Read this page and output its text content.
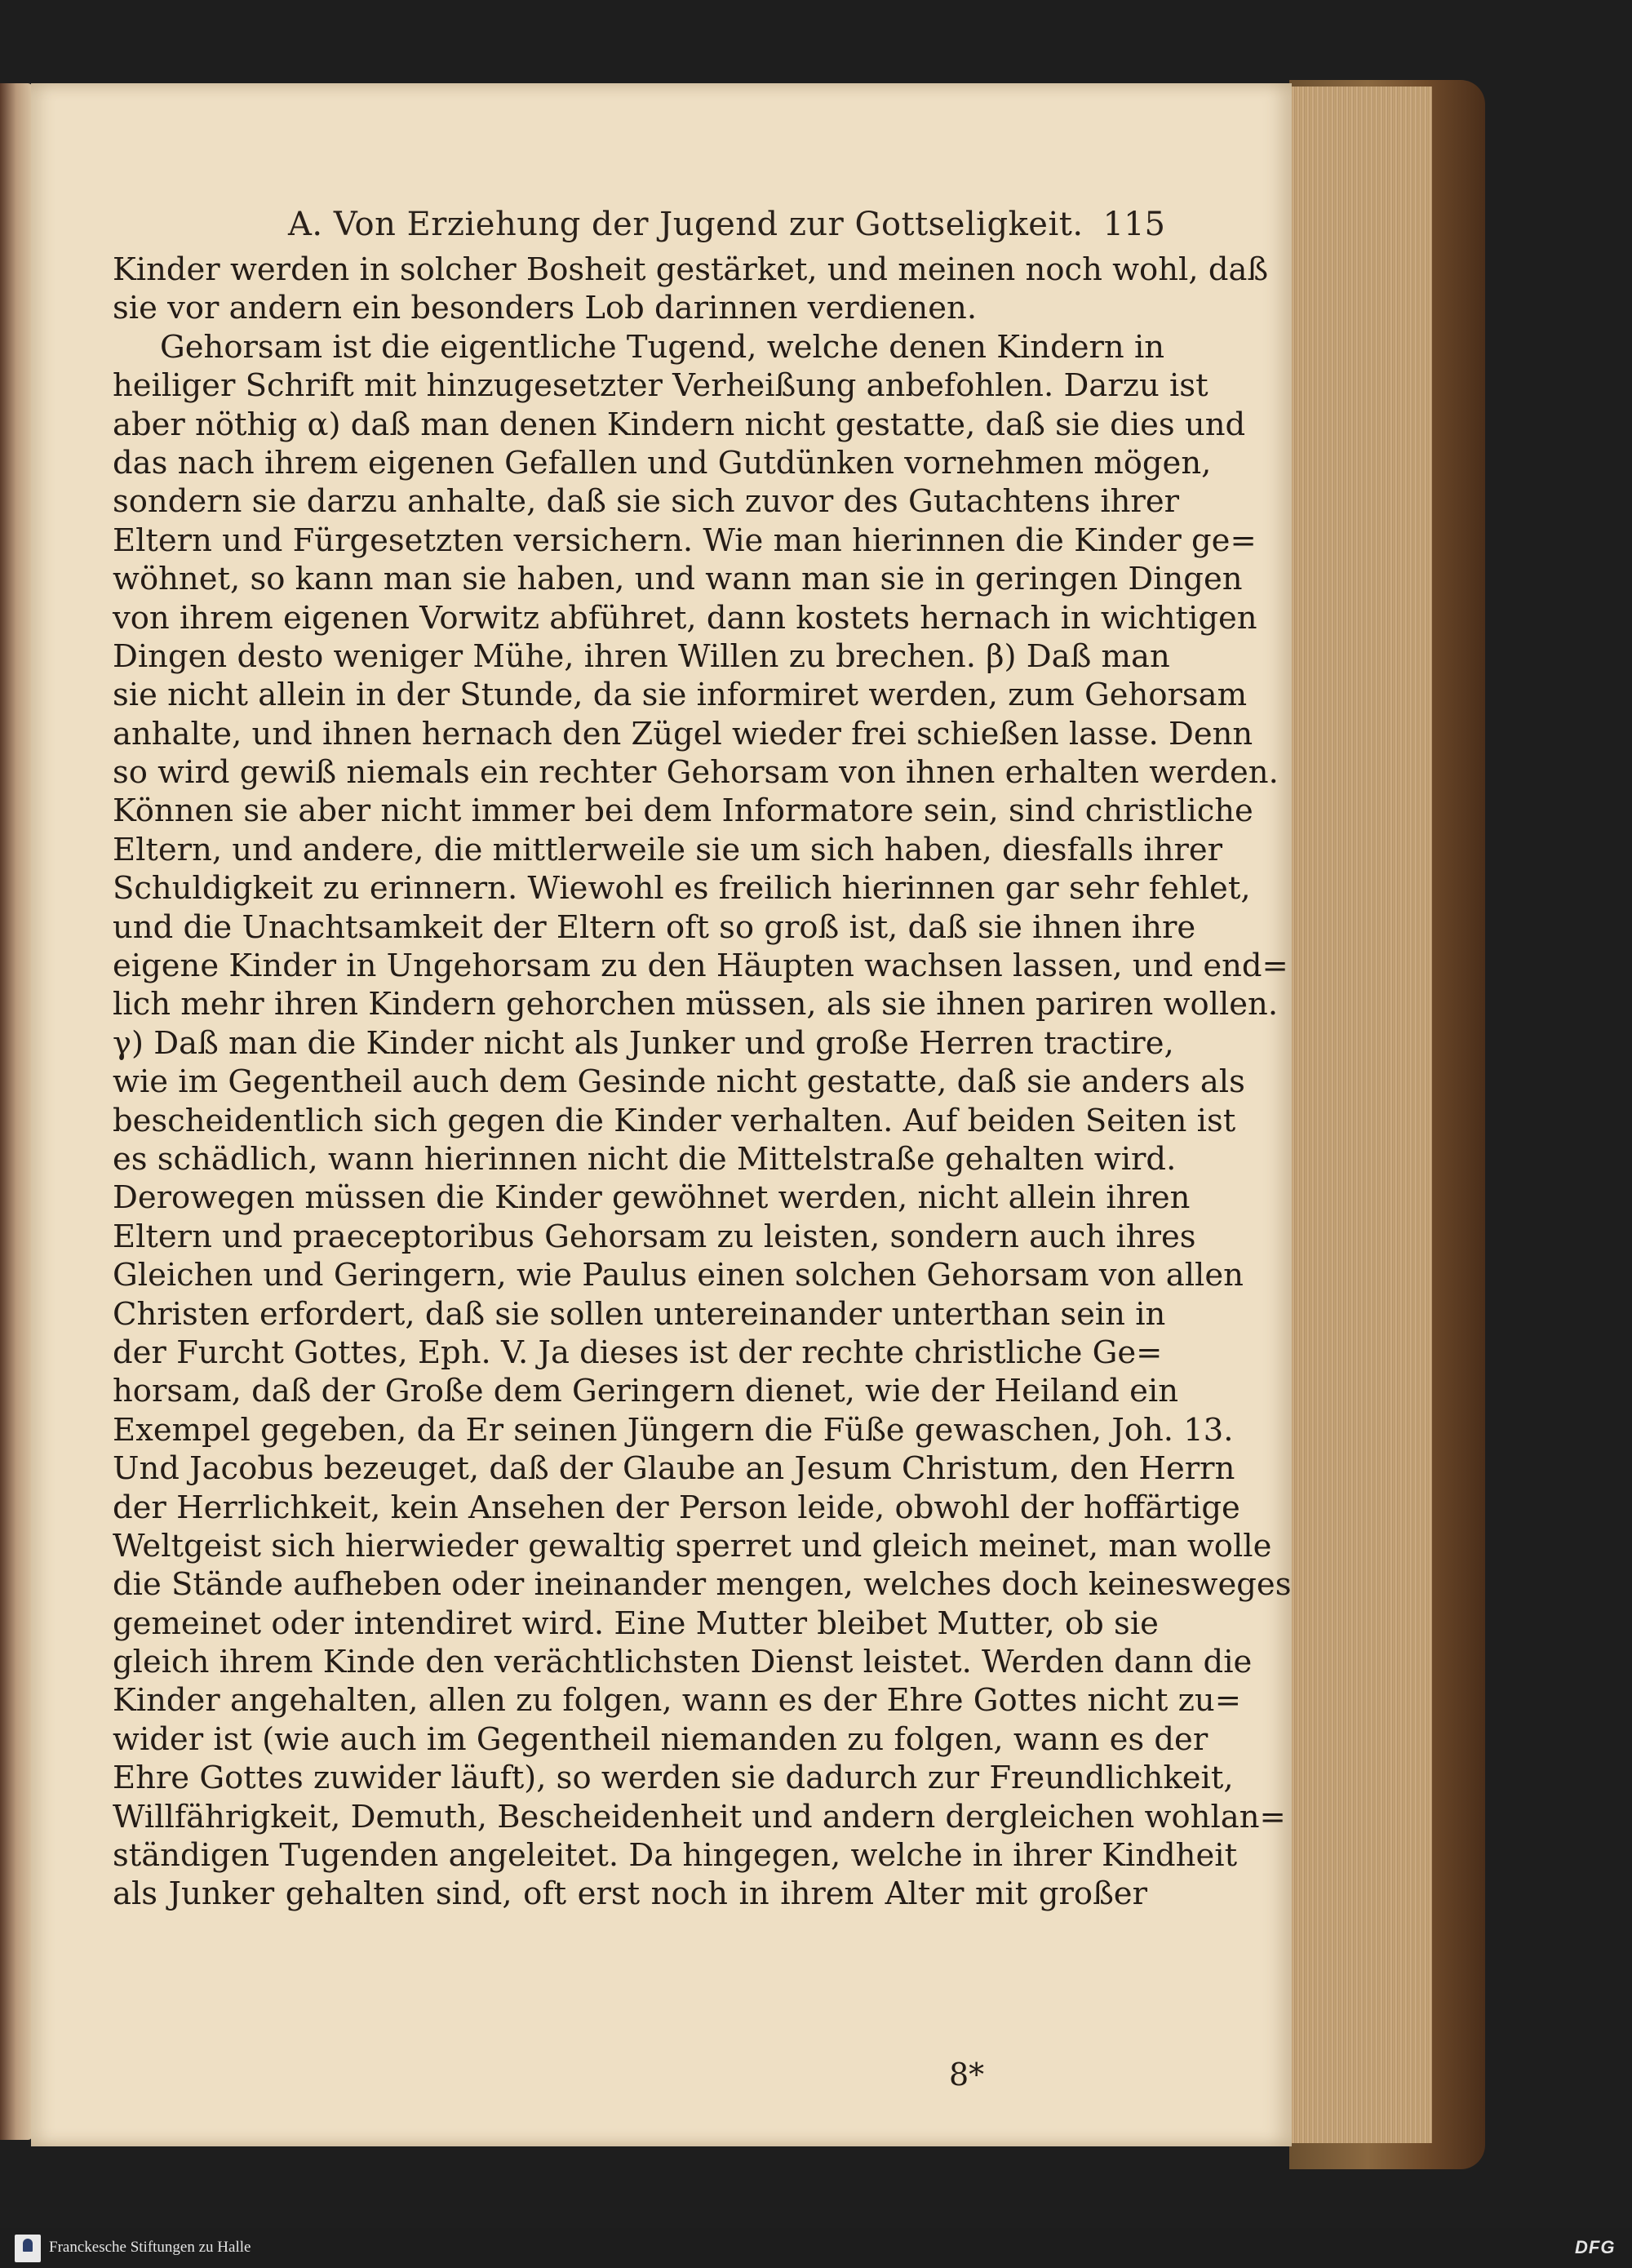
A. Von Erziehung der Jugend zur Gottseligkeit. 115
Kinder werden in solcher Bosheit gestärket, und meinen noch wohl, daß
sie vor andern ein besonders Lob darinnen verdienen.
Gehorsam ist die eigentliche Tugend, welche denen Kindern in
heiliger Schrift mit hinzugesetzter Verheißung anbefohlen. Darzu ist
aber nöthig α) daß man denen Kindern nicht gestatte, daß sie dies und
das nach ihrem eigenen Gefallen und Gutdünken vornehmen mögen,
sondern sie darzu anhalte, daß sie sich zuvor des Gutachtens ihrer
Eltern und Fürgesetzten versichern. Wie man hierinnen die Kinder ge=
wöhnet, so kann man sie haben, und wann man sie in geringen Dingen
von ihrem eigenen Vorwitz abführet, dann kostets hernach in wichtigen
Dingen desto weniger Mühe, ihren Willen zu brechen. β) Daß man
sie nicht allein in der Stunde, da sie informiret werden, zum Gehorsam
anhalte, und ihnen hernach den Zügel wieder frei schießen lasse. Denn
so wird gewiß niemals ein rechter Gehorsam von ihnen erhalten werden.
Können sie aber nicht immer bei dem Informatore sein, sind christliche
Eltern, und andere, die mittlerweile sie um sich haben, diesfalls ihrer
Schuldigkeit zu erinnern. Wiewohl es freilich hierinnen gar sehr fehlet,
und die Unachtsamkeit der Eltern oft so groß ist, daß sie ihnen ihre
eigene Kinder in Ungehorsam zu den Häupten wachsen lassen, und end=
lich mehr ihren Kindern gehorchen müssen, als sie ihnen pariren wollen.
γ) Daß man die Kinder nicht als Junker und große Herren tractire,
wie im Gegentheil auch dem Gesinde nicht gestatte, daß sie anders als
bescheidentlich sich gegen die Kinder verhalten. Auf beiden Seiten ist
es schädlich, wann hierinnen nicht die Mittelstraße gehalten wird.
Derowegen müssen die Kinder gewöhnet werden, nicht allein ihren
Eltern und praeceptoribus Gehorsam zu leisten, sondern auch ihres
Gleichen und Geringern, wie Paulus einen solchen Gehorsam von allen
Christen erfordert, daß sie sollen untereinander unterthan sein in
der Furcht Gottes, Eph. V. Ja dieses ist der rechte christliche Ge=
horsam, daß der Große dem Geringern dienet, wie der Heiland ein
Exempel gegeben, da Er seinen Jüngern die Füße gewaschen, Joh. 13.
Und Jacobus bezeuget, daß der Glaube an Jesum Christum, den Herrn
der Herrlichkeit, kein Ansehen der Person leide, obwohl der hoffärtige
Weltgeist sich hierwieder gewaltig sperret und gleich meinet, man wolle
die Stände aufheben oder ineinander mengen, welches doch keinesweges
gemeinet oder intendiret wird. Eine Mutter bleibet Mutter, ob sie
gleich ihrem Kinde den verächtlichsten Dienst leistet. Werden dann die
Kinder angehalten, allen zu folgen, wann es der Ehre Gottes nicht zu=
wider ist (wie auch im Gegentheil niemanden zu folgen, wann es der
Ehre Gottes zuwider läuft), so werden sie dadurch zur Freundlichkeit,
Willfährigkeit, Demuth, Bescheidenheit und andern dergleichen wohlan=
ständigen Tugenden angeleitet. Da hingegen, welche in ihrer Kindheit
als Junker gehalten sind, oft erst noch in ihrem Alter mit großer
8*
Franckesche Stiftungen zu Halle	DFG
